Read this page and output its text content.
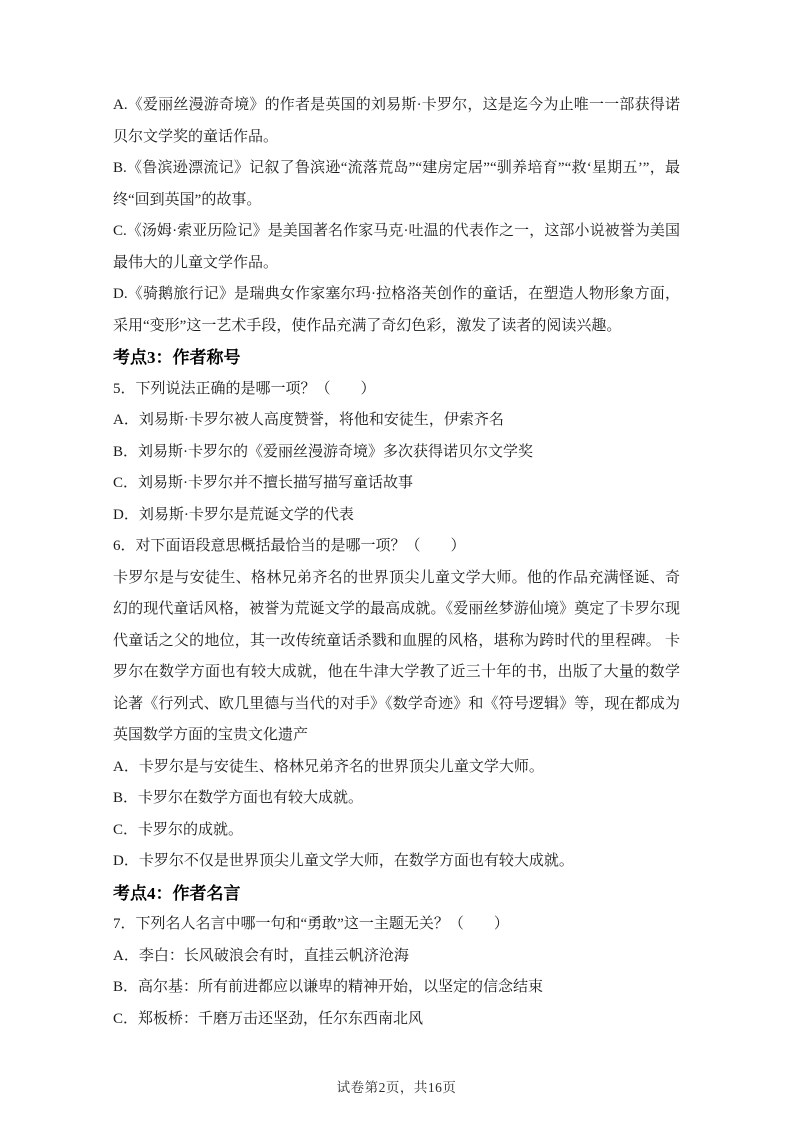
A.《爱丽丝漫游奇境》的作者是英国的刘易斯·卡罗尔，这是迄今为止唯一一部获得诺贝尔文学奖的童话作品。

B.《鲁滨逊漂流记》记叙了鲁滨逊“流落荒岛”“建房定居”“驯养培育”“救‘星期五’”，最终“回到英国”的故事。

C.《汤姆·索亚历险记》是美国著名作家马克·吐温的代表作之一，这部小说被誉为美国最伟大的儿童文学作品。

D.《骑鹅旅行记》是瑞典女作家塞尔玛·拉格洛芙创作的童话，在塑造人物形象方面，采用“变形”这一艺术手段，使作品充满了奇幻色彩，激发了读者的阅读兴趣。

考点3：作者称号

5．下列说法正确的是哪一项？（　　）

A．刘易斯·卡罗尔被人高度赞誉，将他和安徒生，伊索齐名

B．刘易斯·卡罗尔的《爱丽丝漫游奇境》多次获得诺贝尔文学奖

C．刘易斯·卡罗尔并不擅长描写描写童话故事

D．刘易斯·卡罗尔是荒诞文学的代表

6．对下面语段意思概括最恰当的是哪一项？（　　）

卡罗尔是与安徒生、格林兄弟齐名的世界顶尖儿童文学大师。他的作品充满怪诞、奇幻的现代童话风格，被誉为荒诞文学的最高成就。《爱丽丝梦游仙境》奠定了卡罗尔现代童话之父的地位，其一改传统童话杀戮和血腥的风格，堪称为跨时代的里程碑。 卡罗尔在数学方面也有较大成就，他在牛津大学教了近三十年的书，出版了大量的数学论著《行列式、欧几里德与当代的对手》《数学奇迹》和《符号逻辑》等，现在都成为英国数学方面的宝贵文化遗产

A．卡罗尔是与安徒生、格林兄弟齐名的世界顶尖儿童文学大师。

B．卡罗尔在数学方面也有较大成就。

C．卡罗尔的成就。

D．卡罗尔不仅是世界顶尖儿童文学大师，在数学方面也有较大成就。

考点4：作者名言

7．下列名人名言中哪一句和“勇敢”这一主题无关？（　　）

A．李白：长风破浪会有时，直挂云帆济沧海

B．高尔基：所有前进都应以谦卑的精神开始，以坚定的信念结束

C．郑板桥：千磨万击还坚劲，任尔东西南北风

试卷第2页，共16页
